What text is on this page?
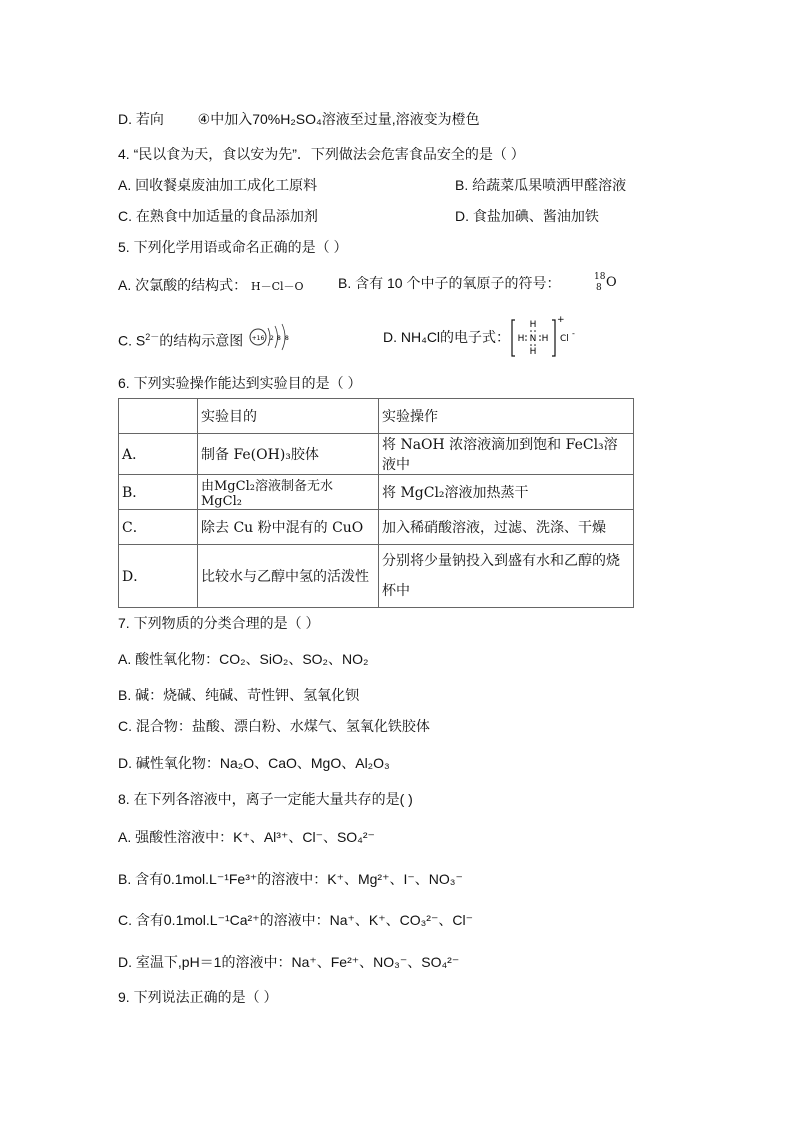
D. 若向 ④中加入70%H₂SO₄溶液至过量,溶液变为橙色
4. “民以食为天，食以安为先”．下列做法会危害食品安全的是（ ）
A. 回收餐桌废油加工成化工原料	B. 给蔬菜瓜果喷洒甲醛溶液
C. 在熟食中加适量的食品添加剂	D. 食盐加碘、酱油加铁
5. 下列化学用语或命名正确的是（ ）
A. 次氯酸的结构式： H－Cl－O B. 含有 10 个中子的氧原子的符号：	18
8 O
C. $S^{2-}$的结构示意图 +16 2 8 8	D. NH₄Cl的电子式：
H
H N H
H
+
Cl
-
6. 下列实验操作能达到实验目的是（ ）
	实验目的	实验操作
A．	制备 Fe(OH)₃胶体	将 NaOH 浓溶液滴加到饱和 FeCl₃溶液中
B．	由MgCl₂溶液制备无水 MgCl₂	将 MgCl₂溶液加热蒸干
C．	除去 Cu 粉中混有的 CuO	加入稀硝酸溶液，过滤、洗涤、干燥
D．	比较水与乙醇中氢的活泼性	分别将少量钠投入到盛有水和乙醇的烧杯中
7. 下列物质的分类合理的是（ ）
A. 酸性氧化物：CO₂、SiO₂、SO₂、NO₂
B. 碱：烧碱、纯碱、苛性钾、氢氧化钡
C. 混合物：盐酸、漂白粉、水煤气、氢氧化铁胶体
D. 碱性氧化物：Na₂O、CaO、MgO、Al₂O₃
8. 在下列各溶液中，离子一定能大量共存的是( )
A. 强酸性溶液中：K⁺、Al³⁺、Cl⁻、SO₄²⁻
B. 含有0.1mol.L⁻¹Fe³⁺的溶液中：K⁺、Mg²⁺、I⁻、NO₃⁻
C. 含有0.1mol.L⁻¹Ca²⁺的溶液中：Na⁺、K⁺、CO₃²⁻、Cl⁻
D. 室温下,pH＝1的溶液中：Na⁺、Fe²⁺、NO₃⁻、SO₄²⁻
9. 下列说法正确的是（ ）
